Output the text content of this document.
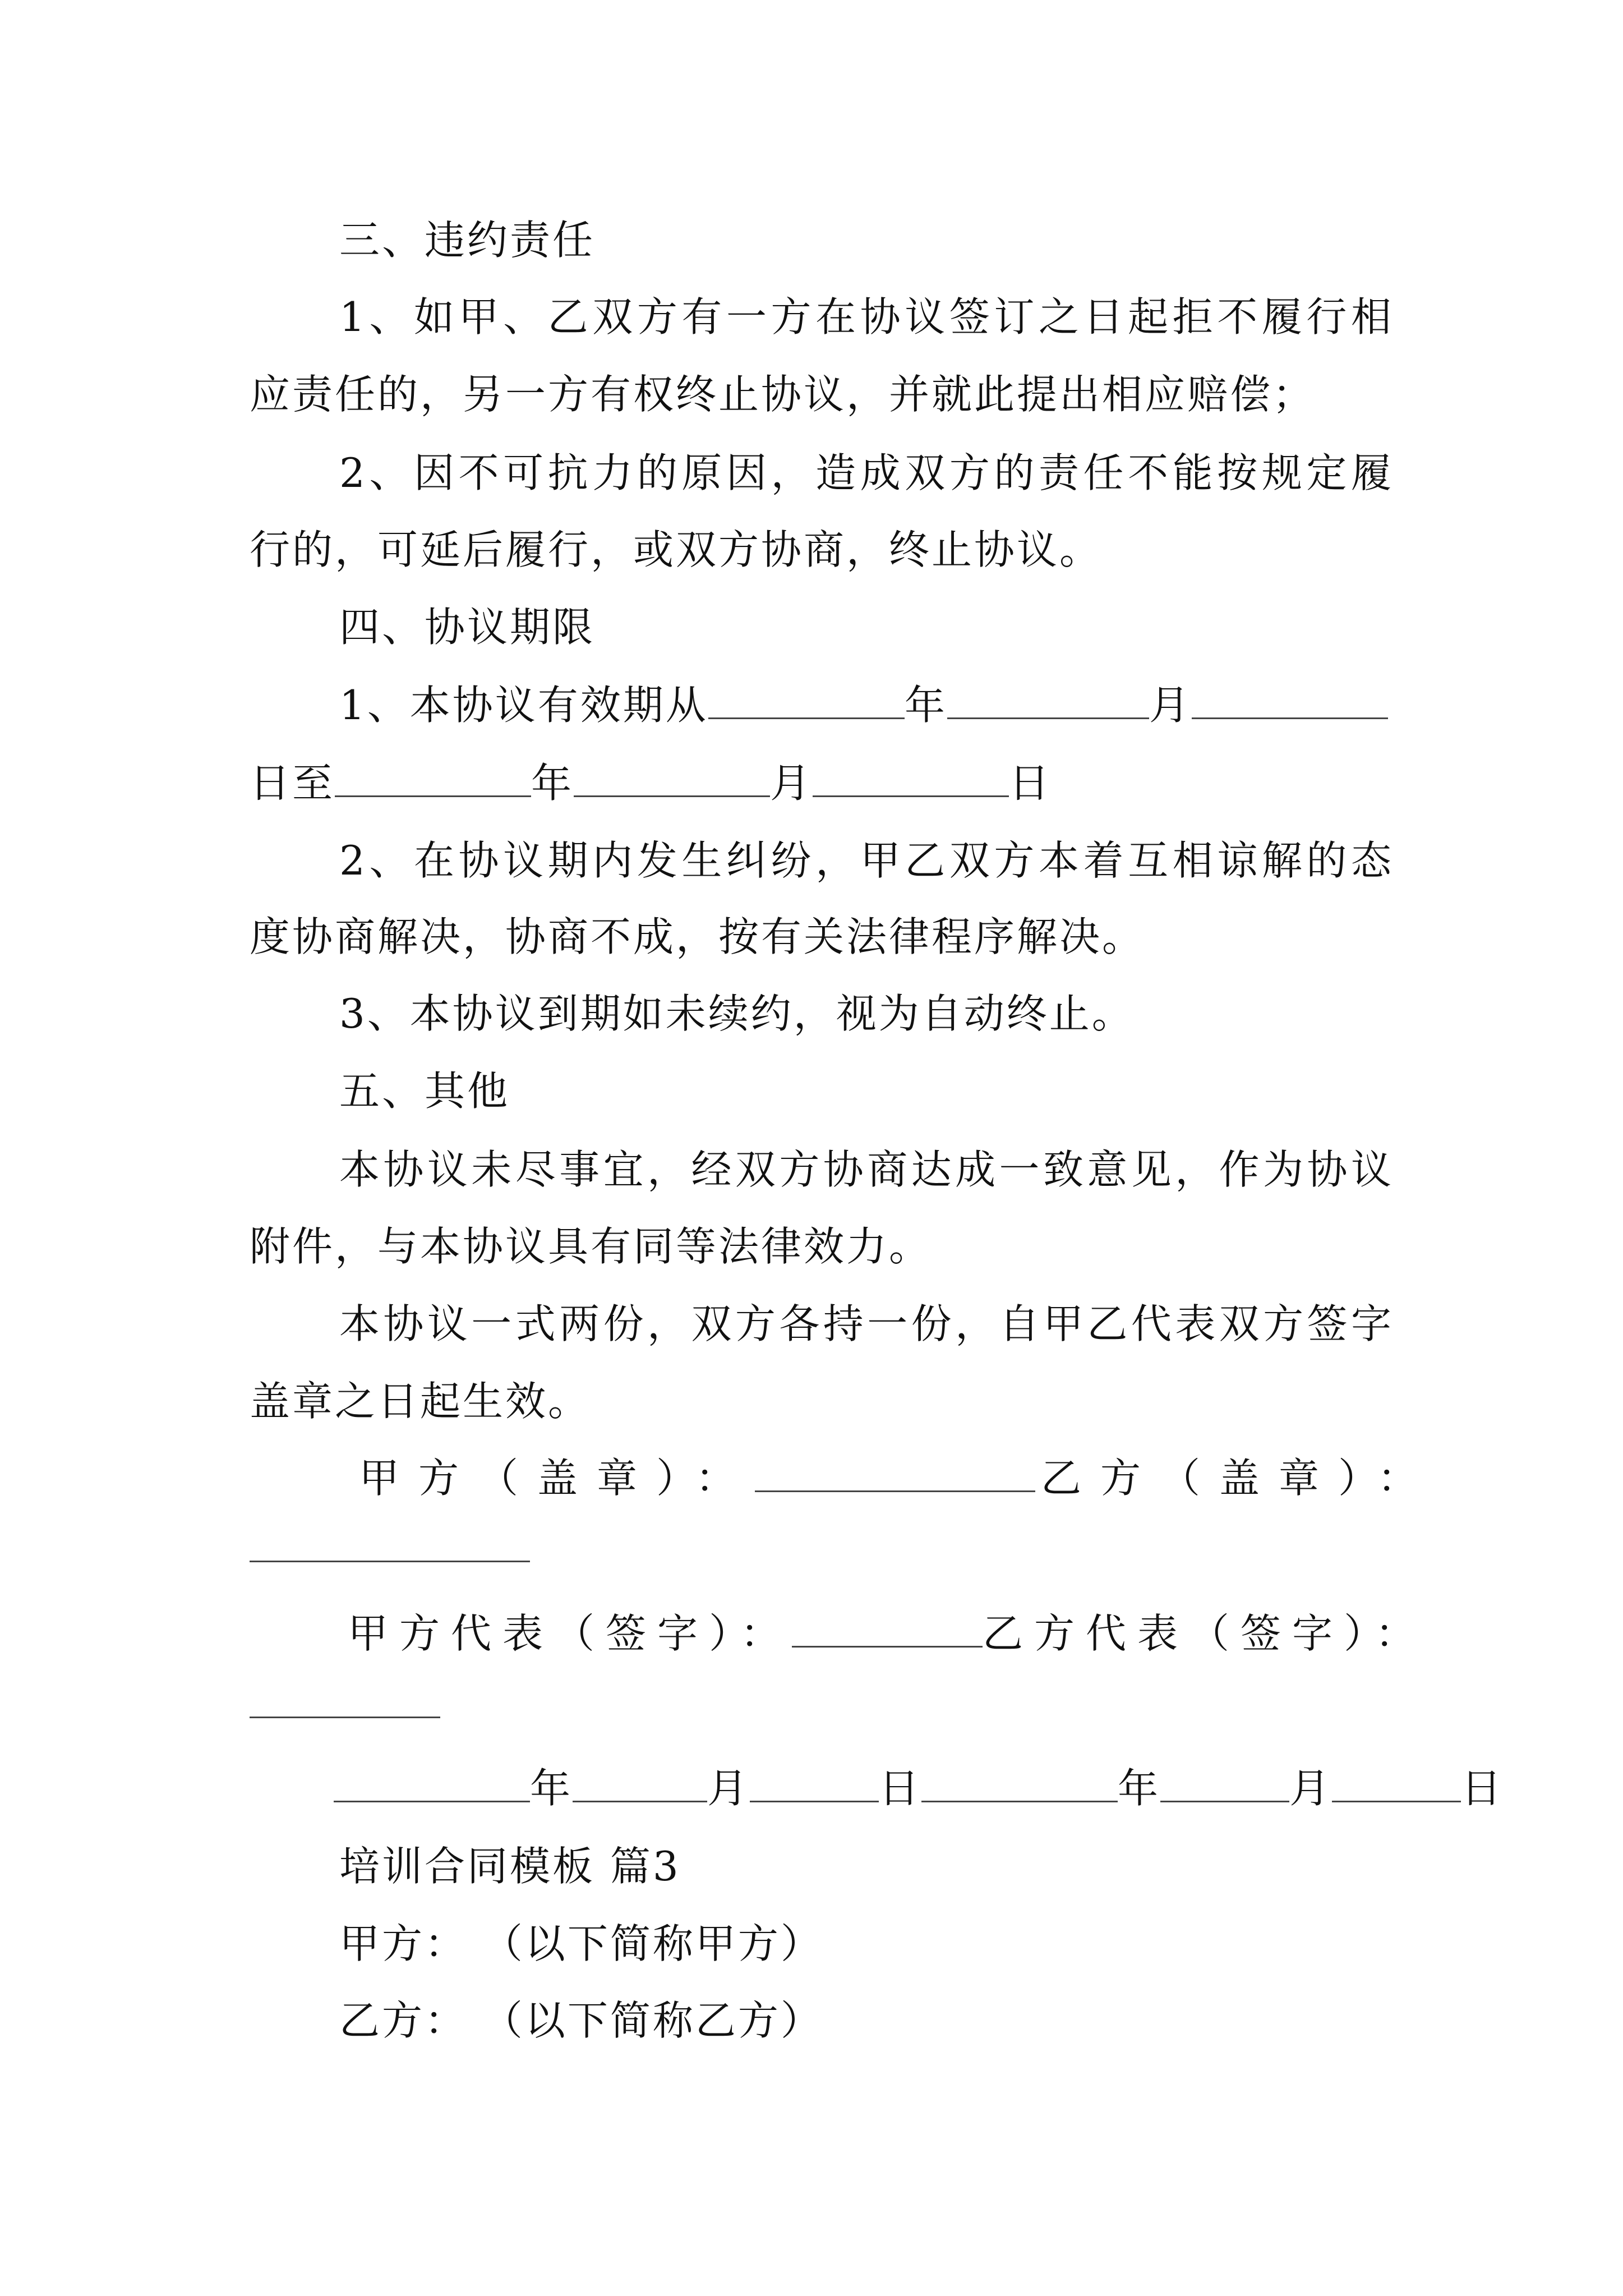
三、违约责任
1、如甲、乙双方有一方在协议签订之日起拒不履行相
应责任的，另一方有权终止协议，并就此提出相应赔偿；
2、因不可抗力的原因，造成双方的责任不能按规定履
行的，可延后履行，或双方协商，终止协议。
四、协议期限
1、本协议有效期从	年	月
日至	年	月	日
2、在协议期内发生纠纷，甲乙双方本着互相谅解的态
度协商解决，协商不成，按有关法律程序解决。
3、本协议到期如未续约，视为自动终止。
五、其他
本协议未尽事宜，经双方协商达成一致意见，作为协议
附件，与本协议具有同等法律效力。
本协议一式两份，双方各持一份，自甲乙代表双方签字
盖章之日起生效。
甲方（盖章）：	乙方（盖章）：
甲方代表（签字）：	乙方代表（签字）：
年	月	日	年	月	日
培训合同模板 篇3
甲方： （以下简称甲方）
乙方： （以下简称乙方）
